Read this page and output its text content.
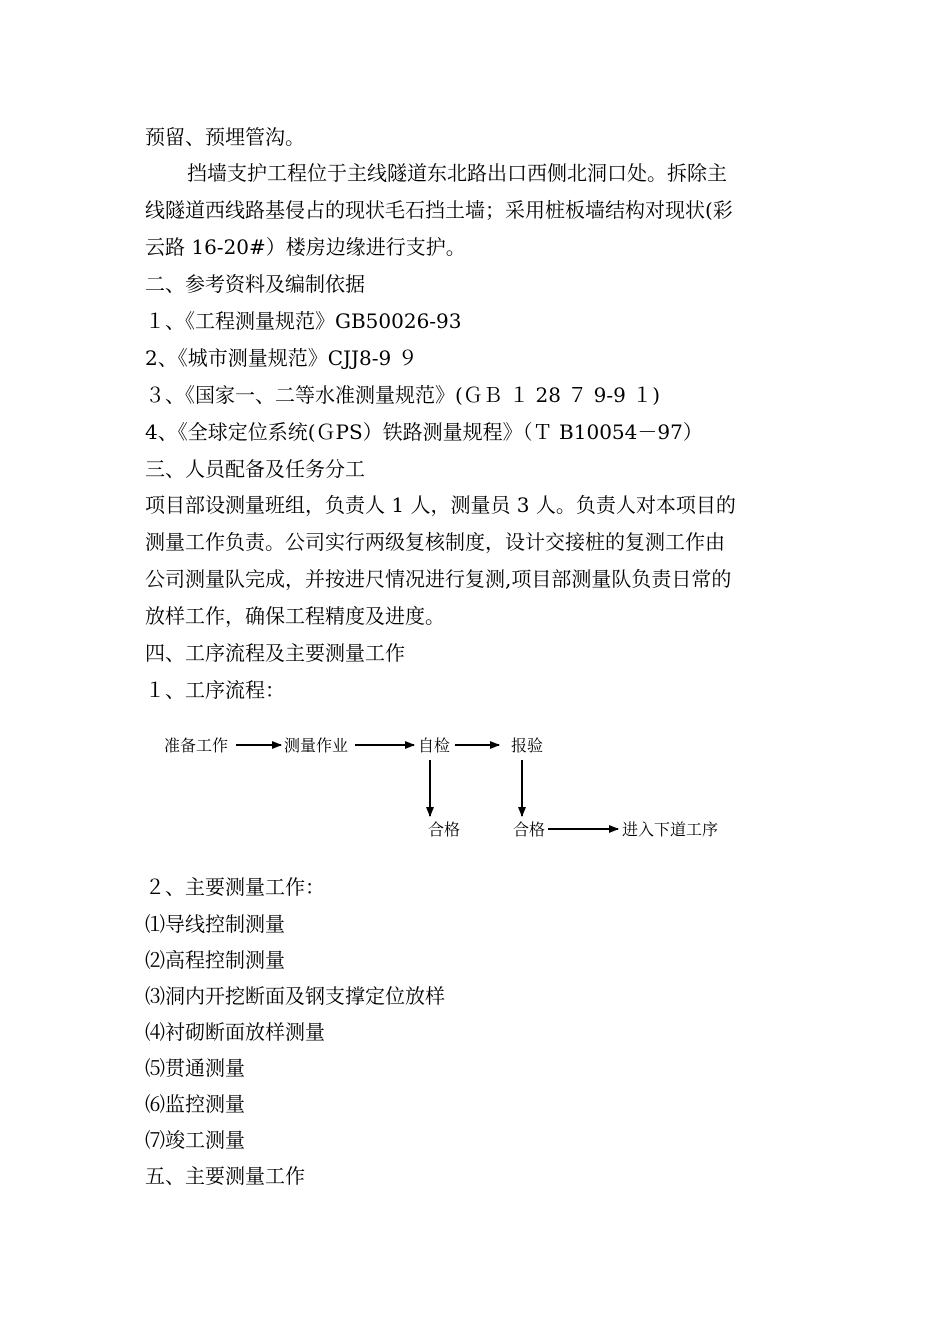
预留、预埋管沟。
挡墙支护工程位于主线隧道东北路出口西侧北洞口处。拆除主
线隧道西线路基侵占的现状毛石挡土墙；采用桩板墙结构对现状(彩
云路 16-20#）楼房边缘进行支护。
二、参考资料及编制依据
１、《工程测量规范》GB50026-93
2、《城市测量规范》CJJ8-9 ９
３、《国家一、二等水准测量规范》(ＧＢ １ 28 ７ 9-9 １)
4、《全球定位系统(ＧPS）铁路测量规程》（Ｔ B10054－97）
三、人员配备及任务分工
项目部设测量班组，负责人 1 人，测量员 3 人。负责人对本项目的
测量工作负责。公司实行两级复核制度，设计交接桩的复测工作由
公司测量队完成，并按进尺情况进行复测,项目部测量队负责日常的
放样工作，确保工程精度及进度。
四、工序流程及主要测量工作
１、工序流程：
准备工作	测量作业	自检	报验
合格	合格	进入下道工序
２、主要测量工作：
⑴导线控制测量
⑵高程控制测量
⑶洞内开挖断面及钢支撑定位放样
⑷衬砌断面放样测量
⑸贯通测量
⑹监控测量
⑺竣工测量
五、主要测量工作
